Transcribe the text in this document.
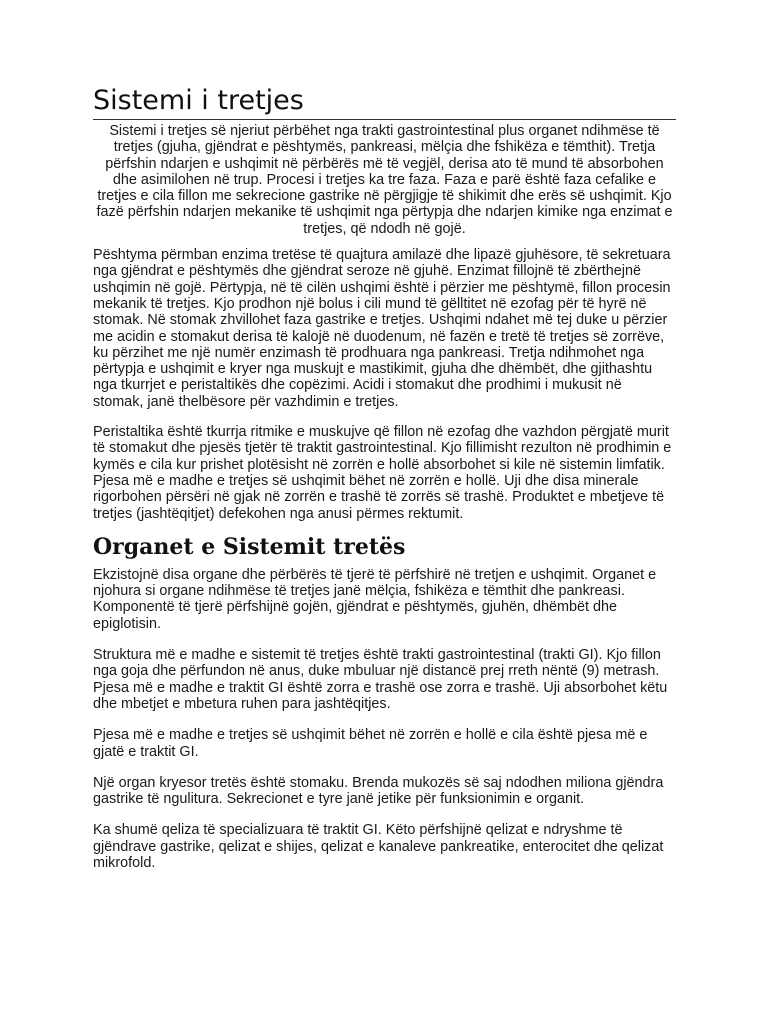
Sistemi i tretjes

Sistemi i tretjes së njeriut përbëhet nga trakti gastrointestinal plus organet ndihmëse të tretjes (gjuha, gjëndrat e pështymës, pankreasi, mëlçia dhe fshikëza e tëmthit). Tretja përfshin ndarjen e ushqimit në përbërës më të vegjël, derisa ato të mund të absorbohen dhe asimilohen në trup. Procesi i tretjes ka tre faza. Faza e parë është faza cefalike e tretjes e cila fillon me sekrecione gastrike në përgjigje të shikimit dhe erës së ushqimit. Kjo fazë përfshin ndarjen mekanike të ushqimit nga përtypja dhe ndarjen kimike nga enzimat e tretjes, që ndodh në gojë.

Pështyma përmban enzima tretëse të quajtura amilazë dhe lipazë gjuhësore, të sekretuara nga gjëndrat e pështymës dhe gjëndrat seroze në gjuhë. Enzimat fillojnë të zbërthejnë ushqimin në gojë. Përtypja, në të cilën ushqimi është i përzier me pështymë, fillon procesin mekanik të tretjes. Kjo prodhon një bolus i cili mund të gëlltitet në ezofag për të hyrë në stomak. Në stomak zhvillohet faza gastrike e tretjes. Ushqimi ndahet më tej duke u përzier me acidin e stomakut derisa të kalojë në duodenum, në fazën e tretë të tretjes së zorrëve, ku përzihet me një numër enzimash të prodhuara nga pankreasi. Tretja ndihmohet nga përtypja e ushqimit e kryer nga muskujt e mastikimit, gjuha dhe dhëmbët, dhe gjithashtu nga tkurrjet e peristaltikës dhe copëzimi. Acidi i stomakut dhe prodhimi i mukusit në stomak, janë thelbësore për vazhdimin e tretjes.

Peristaltika është tkurrja ritmike e muskujve që fillon në ezofag dhe vazhdon përgjatë murit të stomakut dhe pjesës tjetër të traktit gastrointestinal. Kjo fillimisht rezulton në prodhimin e kymës e cila kur prishet plotësisht në zorrën e hollë absorbohet si kile në sistemin limfatik. Pjesa më e madhe e tretjes së ushqimit bëhet në zorrën e hollë. Uji dhe disa minerale rigorbohen përsëri në gjak në zorrën e trashë të zorrës së trashë. Produktet e mbetjeve të tretjes (jashtëqitjet) defekohen nga anusi përmes rektumit.

Organet e Sistemit tretës

Ekzistojnë disa organe dhe përbërës të tjerë të përfshirë në tretjen e ushqimit. Organet e njohura si organe ndihmëse të tretjes janë mëlçia, fshikëza e tëmthit dhe pankreasi. Komponentë të tjerë përfshijnë gojën, gjëndrat e pështymës, gjuhën, dhëmbët dhe epiglotisin.

Struktura më e madhe e sistemit të tretjes është trakti gastrointestinal (trakti GI). Kjo fillon nga goja dhe përfundon në anus, duke mbuluar një distancë prej rreth nëntë (9) metrash. Pjesa më e madhe e traktit GI është zorra e trashë ose zorra e trashë. Uji absorbohet këtu dhe mbetjet e mbetura ruhen para jashtëqitjes.

Pjesa më e madhe e tretjes së ushqimit bëhet në zorrën e hollë e cila është pjesa më e gjatë e traktit GI.

Një organ kryesor tretës është stomaku. Brenda mukozës së saj ndodhen miliona gjëndra gastrike të ngulitura. Sekrecionet e tyre janë jetike për funksionimin e organit.

Ka shumë qeliza të specializuara të traktit GI. Këto përfshijnë qelizat e ndryshme të gjëndrave gastrike, qelizat e shijes, qelizat e kanaleve pankreatike, enterocitet dhe qelizat mikrofold.
